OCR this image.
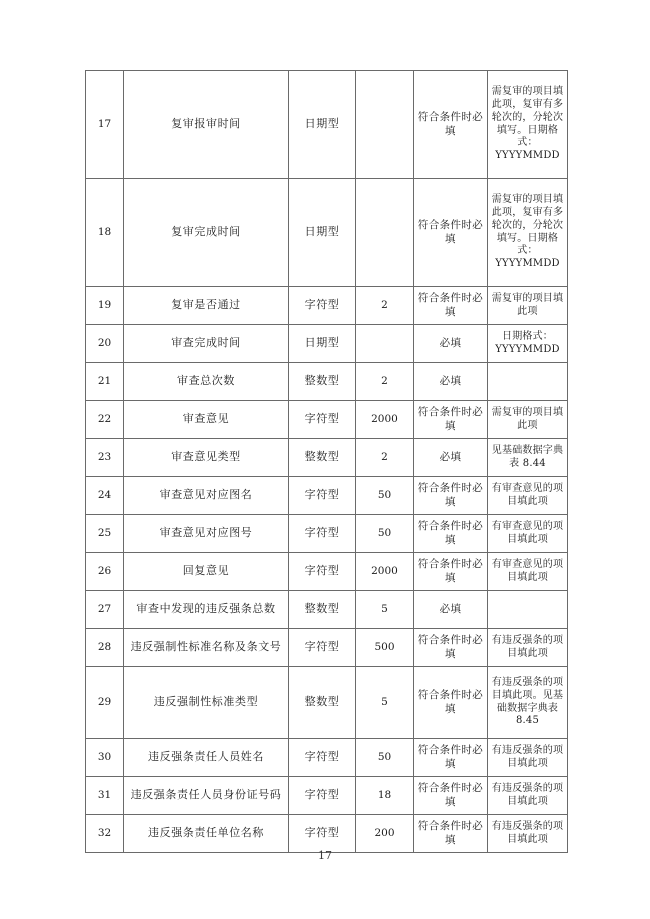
17	复审报审时间	日期型		符合条件时必填	需复审的项目填此项，复审有多轮次的，分轮次填写。日期格式：YYYYMMDD
18	复审完成时间	日期型		符合条件时必填	需复审的项目填此项，复审有多轮次的，分轮次填写。日期格式：YYYYMMDD
19	复审是否通过	字符型	2	符合条件时必填	需复审的项目填此项
20	审查完成时间	日期型		必填	日期格式：YYYYMMDD
21	审查总次数	整数型	2	必填	
22	审查意见	字符型	2000	符合条件时必填	需复审的项目填此项
23	审查意见类型	整数型	2	必填	见基础数据字典表 8.44
24	审查意见对应图名	字符型	50	符合条件时必填	有审查意见的项目填此项
25	审查意见对应图号	字符型	50	符合条件时必填	有审查意见的项目填此项
26	回复意见	字符型	2000	符合条件时必填	有审查意见的项目填此项
27	审查中发现的违反强条总数	整数型	5	必填	
28	违反强制性标准名称及条文号	字符型	500	符合条件时必填	有违反强条的项目填此项
29	违反强制性标准类型	整数型	5	符合条件时必填	有违反强条的项目填此项。见基础数据字典表 8.45
30	违反强条责任人员姓名	字符型	50	符合条件时必填	有违反强条的项目填此项
31	违反强条责任人员身份证号码	字符型	18	符合条件时必填	有违反强条的项目填此项
32	违反强条责任单位名称	字符型	200	符合条件时必填	有违反强条的项目填此项
17
